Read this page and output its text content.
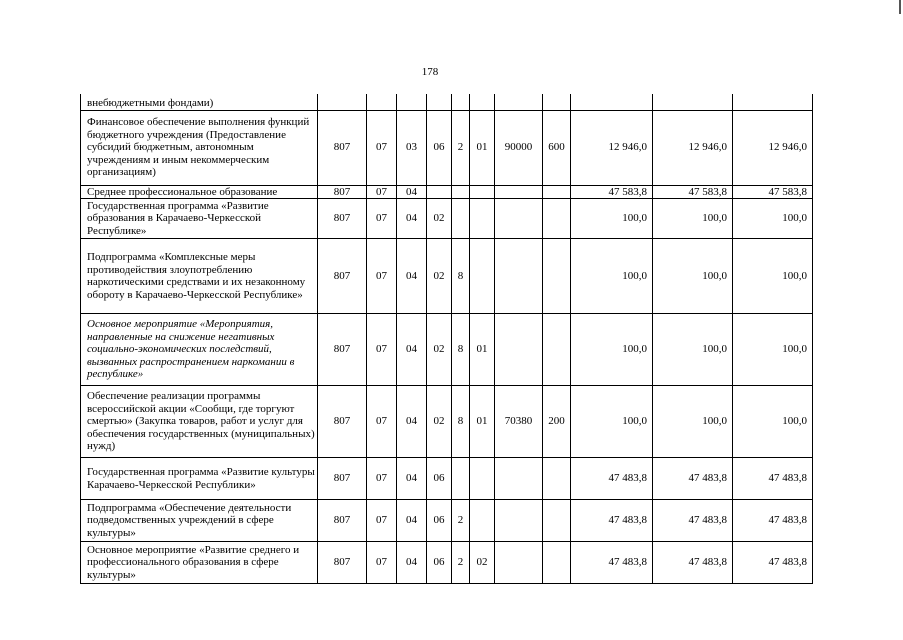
178
внебюджетными фондами)											
Финансовое обеспечение выполнения функций бюджетного учреждения (Предоставление субсидий бюджетным, автономным учреждениям и иным некоммерческим организациям)	807	07	03	06	2	01	90000	600	12 946,0	12 946,0	12 946,0
Среднее профессиональное образование	807	07	04						47 583,8	47 583,8	47 583,8
Государственная программа «Развитие образования в Карачаево-Черкесской Республике»	807	07	04	02					100,0	100,0	100,0
Подпрограмма «Комплексные меры противодействия злоупотреблению наркотическими средствами и их незаконному обороту в Карачаево-Черкесской Республике»	807	07	04	02	8				100,0	100,0	100,0
Основное мероприятие «Мероприятия, направленные на снижение негативных социально-экономических последствий, вызванных распространением наркомании в республике»	807	07	04	02	8	01			100,0	100,0	100,0
Обеспечение реализации программы всероссийской акции «Сообщи, где торгуют смертью» (Закупка товаров, работ и услуг для обеспечения государственных (муниципальных) нужд)	807	07	04	02	8	01	70380	200	100,0	100,0	100,0
Государственная программа «Развитие культуры Карачаево-Черкесской Республики»	807	07	04	06					47 483,8	47 483,8	47 483,8
Подпрограмма «Обеспечение деятельности подведомственных учреждений в сфере культуры»	807	07	04	06	2				47 483,8	47 483,8	47 483,8
Основное мероприятие «Развитие среднего и профессионального образования в сфере культуры»	807	07	04	06	2	02			47 483,8	47 483,8	47 483,8
